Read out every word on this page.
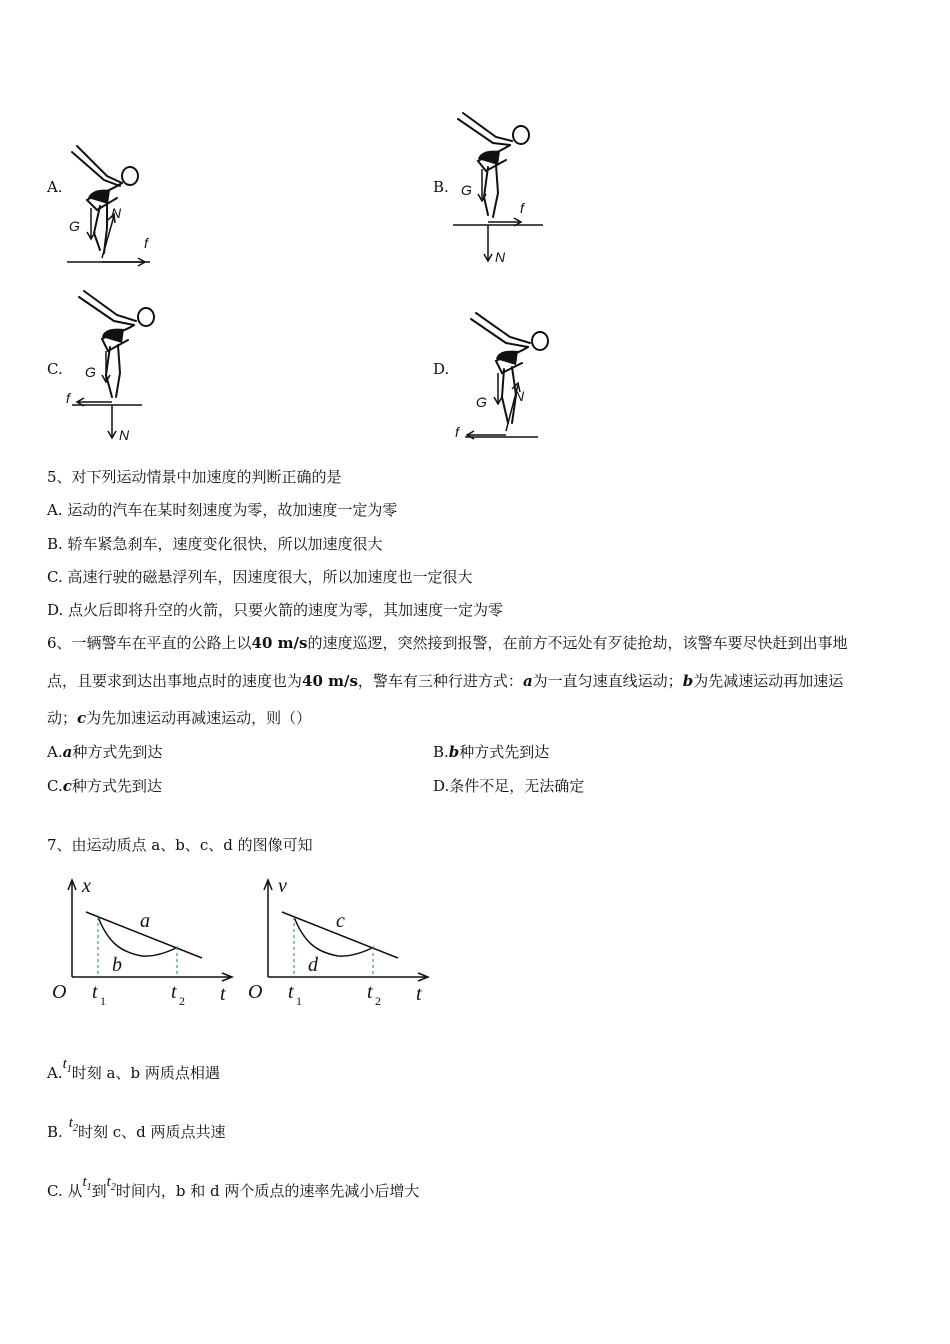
A.
G
N
f
B. G
N
f
C. G
N
f
D.
G N
f
5、对下列运动情景中加速度的判断正确的是
A. 运动的汽车在某时刻速度为零，故加速度一定为零
B. 轿车紧急刹车，速度变化很快，所以加速度很大
C. 高速行驶的磁悬浮列车，因速度很大，所以加速度也一定很大
D. 点火后即将升空的火箭，只要火箭的速度为零，其加速度一定为零
6、一辆警车在平直的公路上以40 m/s的速度巡逻，突然接到报警，在前方不远处有歹徒抢劫，该警车要尽快赶到出事地
点，且要求到达出事地点时的速度也为40 m/s，警车有三种行进方式：a为一直匀速直线运动；b为先减速运动再加速运
动；c为先加速运动再减速运动，则（）
A.a种方式先到达	B.b种方式先到达
C.c种方式先到达	D.条件不足，无法确定
7、由运动质点 a、b、c、d 的图像可知
x
t
O t 1	t 2
a
b
v
t
O t 1	t 2
c
d
$A.t_1$时刻 a、b 两质点相遇
B. $t_2$时刻 c、d 两质点共速
C. 从$t_1$到$t_2$时间内，b 和 d 两个质点的速率先减小后增大
